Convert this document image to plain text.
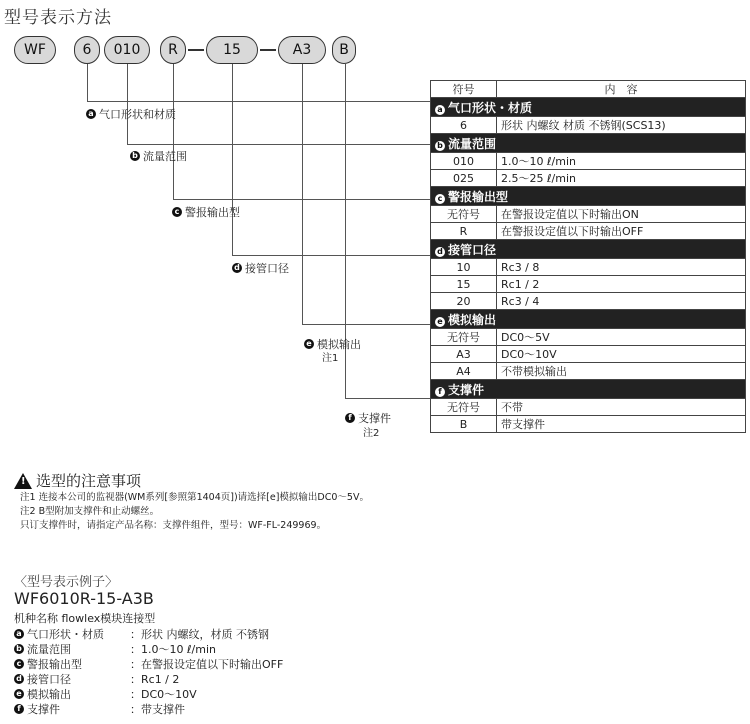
型号表示方法
WF	6	010	R	15	A3	B
a 气口形状和材质
b 流量范围
c 警报输出型
d 接管口径
e 模拟输出
注1
f 支撑件
注2
符号	内　容
a 气口形状・材质	
6	形状 内螺纹 材质 不锈钢(SCS13)
b 流量范围	
010	1.0～10 ℓ/min
025	2.5～25 ℓ/min
c 警报输出型	
无符号	在警报设定值以下时输出ON
R	在警报设定值以下时输出OFF
d 接管口径	
10	Rc3 / 8
15	Rc1 / 2
20	Rc3 / 4
e 模拟输出	
无符号	DC0～5V
A3	DC0～10V
A4	不带模拟输出
f 支撑件	
无符号	不带
B	带支撑件
! 选型的注意事项
注1 连接本公司的监视器(WM系列[参照第1404页])请选择[e]模拟输出DC0～5V。
注2 B型附加支撑件和止动螺丝。
只订支撑件时，请指定产品名称：支撑件组件，型号：WF-FL-249969。
〈型号表示例子〉
WF6010R-15-A3B
机种名称 flowlex模块连接型
a 气口形状・材质 ：形状 内螺纹，材质 不锈钢
b 流量范围	：1.0～10 ℓ/min
c 警报输出型	：在警报设定值以下时输出OFF
d 接管口径	：Rc1 / 2
e 模拟输出	：DC0～10V
f 支撑件	：带支撑件
